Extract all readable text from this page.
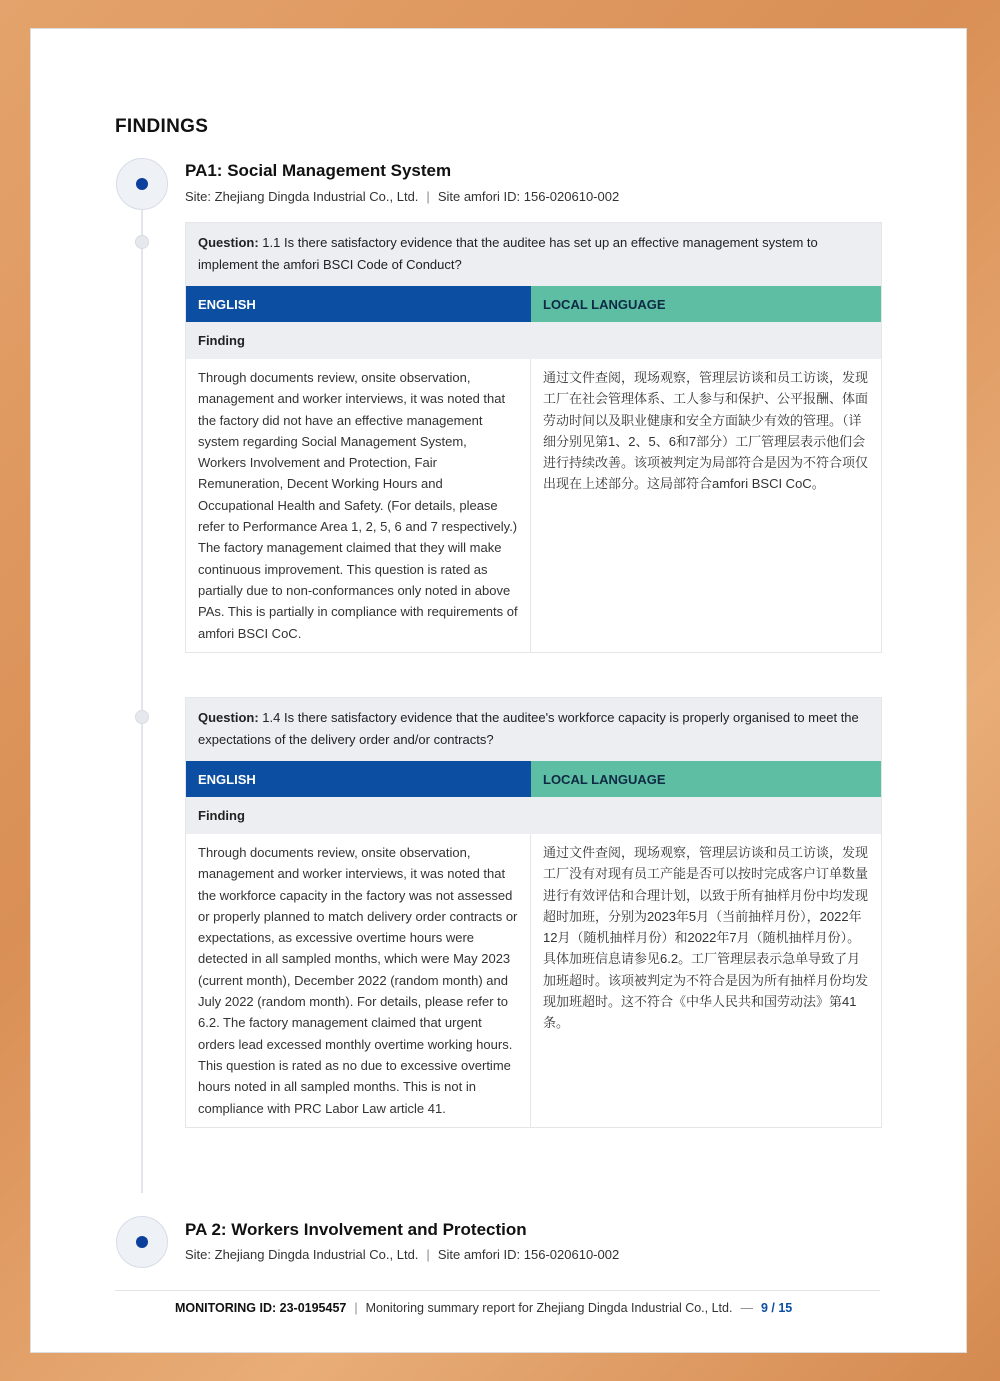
FINDINGS
PA1: Social Management System
Site: Zhejiang Dingda Industrial Co., Ltd. | Site amfori ID: 156-020610-002
Question: 1.1 Is there satisfactory evidence that the auditee has set up an effective management system to implement the amfori BSCI Code of Conduct?
ENGLISH	LOCAL LANGUAGE
Finding
Through documents review, onsite observation, management and worker interviews, it was noted that the factory did not have an effective management system regarding Social Management System, Workers Involvement and Protection, Fair Remuneration, Decent Working Hours and Occupational Health and Safety. (For details, please refer to Performance Area 1, 2, 5, 6 and 7 respectively.) The factory management claimed that they will make continuous improvement. This question is rated as partially due to non-conformances only noted in above PAs. This is partially in compliance with requirements of amfori BSCI CoC.
通过文件查阅，现场观察，管理层访谈和员工访谈，发现工厂在社会管理体系、工人参与和保护、公平报酬、体面劳动时间以及职业健康和安全方面缺少有效的管理。（详细分别见第1、2、5、6和7部分）工厂管理层表示他们会进行持续改善。该项被判定为局部符合是因为不符合项仅出现在上述部分。这局部符合amfori BSCI CoC。
Question: 1.4 Is there satisfactory evidence that the auditee's workforce capacity is properly organised to meet the expectations of the delivery order and/or contracts?
ENGLISH	LOCAL LANGUAGE
Finding
Through documents review, onsite observation, management and worker interviews, it was noted that the workforce capacity in the factory was not assessed or properly planned to match delivery order contracts or expectations, as excessive overtime hours were detected in all sampled months, which were May 2023 (current month), December 2022 (random month) and July 2022 (random month). For details, please refer to 6.2. The factory management claimed that urgent orders lead excessed monthly overtime working hours. This question is rated as no due to excessive overtime hours noted in all sampled months. This is not in compliance with PRC Labor Law article 41.
通过文件查阅，现场观察，管理层访谈和员工访谈，发现工厂没有对现有员工产能是否可以按时完成客户订单数量进行有效评估和合理计划，以致于所有抽样月份中均发现超时加班，分别为2023年5月（当前抽样月份），2022年12月（随机抽样月份）和2022年7月（随机抽样月份）。具体加班信息请参见6.2。工厂管理层表示急单导致了月加班超时。该项被判定为不符合是因为所有抽样月份均发现加班超时。这不符合《中华人民共和国劳动法》第41条。
PA 2: Workers Involvement and Protection
Site: Zhejiang Dingda Industrial Co., Ltd. | Site amfori ID: 156-020610-002
MONITORING ID: 23-0195457 | Monitoring summary report for Zhejiang Dingda Industrial Co., Ltd. — 9 / 15
